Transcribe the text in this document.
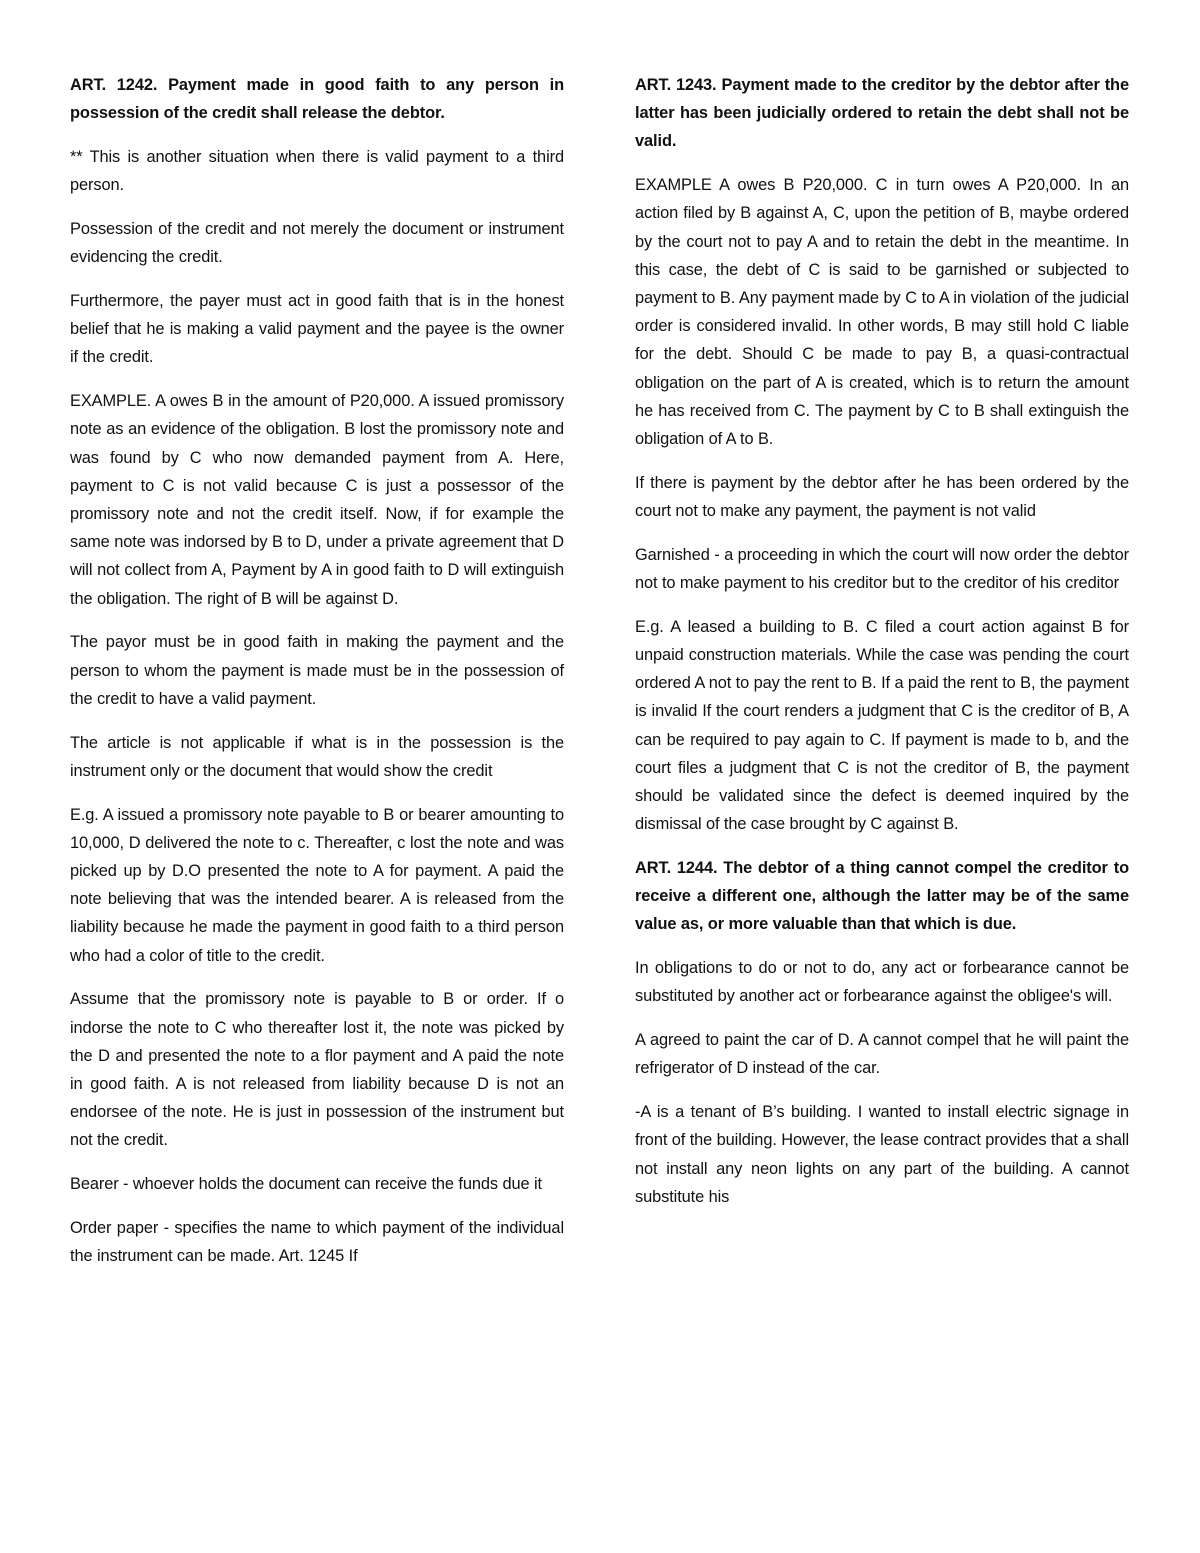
ART. 1242. Payment made in good faith to any person in possession of the credit shall release the debtor.

** This is another situation when there is valid payment to a third person.

Possession of the credit and not merely the document or instrument evidencing the credit.

Furthermore, the payer must act in good faith that is in the honest belief that he is making a valid payment and the payee is the owner if the credit.

EXAMPLE. A owes B in the amount of P20,000. A issued promissory note as an evidence of the obligation. B lost the promissory note and was found by C who now demanded payment from A. Here, payment to C is not valid because C is just a possessor of the promissory note and not the credit itself. Now, if for example the same note was indorsed by B to D, under a private agreement that D will not collect from A, Payment by A in good faith to D will extinguish the obligation. The right of B will be against D.

The payor must be in good faith in making the payment and the person to whom the payment is made must be in the possession of the credit to have a valid payment.

The article is not applicable if what is in the possession is the instrument only or the document that would show the credit

E.g. A issued a promissory note payable to B or bearer amounting to 10,000, D delivered the note to c. Thereafter, c lost the note and was picked up by D.O presented the note to A for payment. A paid the note believing that was the intended bearer. A is released from the liability because he made the payment in good faith to a third person who had a color of title to the credit.

Assume that the promissory note is payable to B or order. If o indorse the note to C who thereafter lost it, the note was picked by the D and presented the note to a flor payment and A paid the note in good faith. A is not released from liability because D is not an endorsee of the note. He is just in possession of the instrument but not the credit.

Bearer - whoever holds the document can receive the funds due it

Order paper - specifies the name to which payment of the individual the instrument can be made. Art. 1245 If

ART. 1243. Payment made to the creditor by the debtor after the latter has been judicially ordered to retain the debt shall not be valid.

EXAMPLE A owes B P20,000. C in turn owes A P20,000. In an action filed by B against A, C, upon the petition of B, maybe ordered by the court not to pay A and to retain the debt in the meantime. In this case, the debt of C is said to be garnished or subjected to payment to B. Any payment made by C to A in violation of the judicial order is considered invalid. In other words, B may still hold C liable for the debt. Should C be made to pay B, a quasi-contractual obligation on the part of A is created, which is to return the amount he has received from C. The payment by C to B shall extinguish the obligation of A to B.

If there is payment by the debtor after he has been ordered by the court not to make any payment, the payment is not valid

Garnished - a proceeding in which the court will now order the debtor not to make payment to his creditor but to the creditor of his creditor

E.g. A leased a building to B. C filed a court action against B for unpaid construction materials. While the case was pending the court ordered A not to pay the rent to B. If a paid the rent to B, the payment is invalid If the court renders a judgment that C is the creditor of B, A can be required to pay again to C. If payment is made to b, and the court files a judgment that C is not the creditor of B, the payment should be validated since the defect is deemed inquired by the dismissal of the case brought by C against B.

ART. 1244. The debtor of a thing cannot compel the creditor to receive a different one, although the latter may be of the same value as, or more valuable than that which is due.

In obligations to do or not to do, any act or forbearance cannot be substituted by another act or forbearance against the obligee's will.

A agreed to paint the car of D. A cannot compel that he will paint the refrigerator of D instead of the car.

-A is a tenant of B’s building. I wanted to install electric signage in front of the building. However, the lease contract provides that a shall not install any neon lights on any part of the building. A cannot substitute his
